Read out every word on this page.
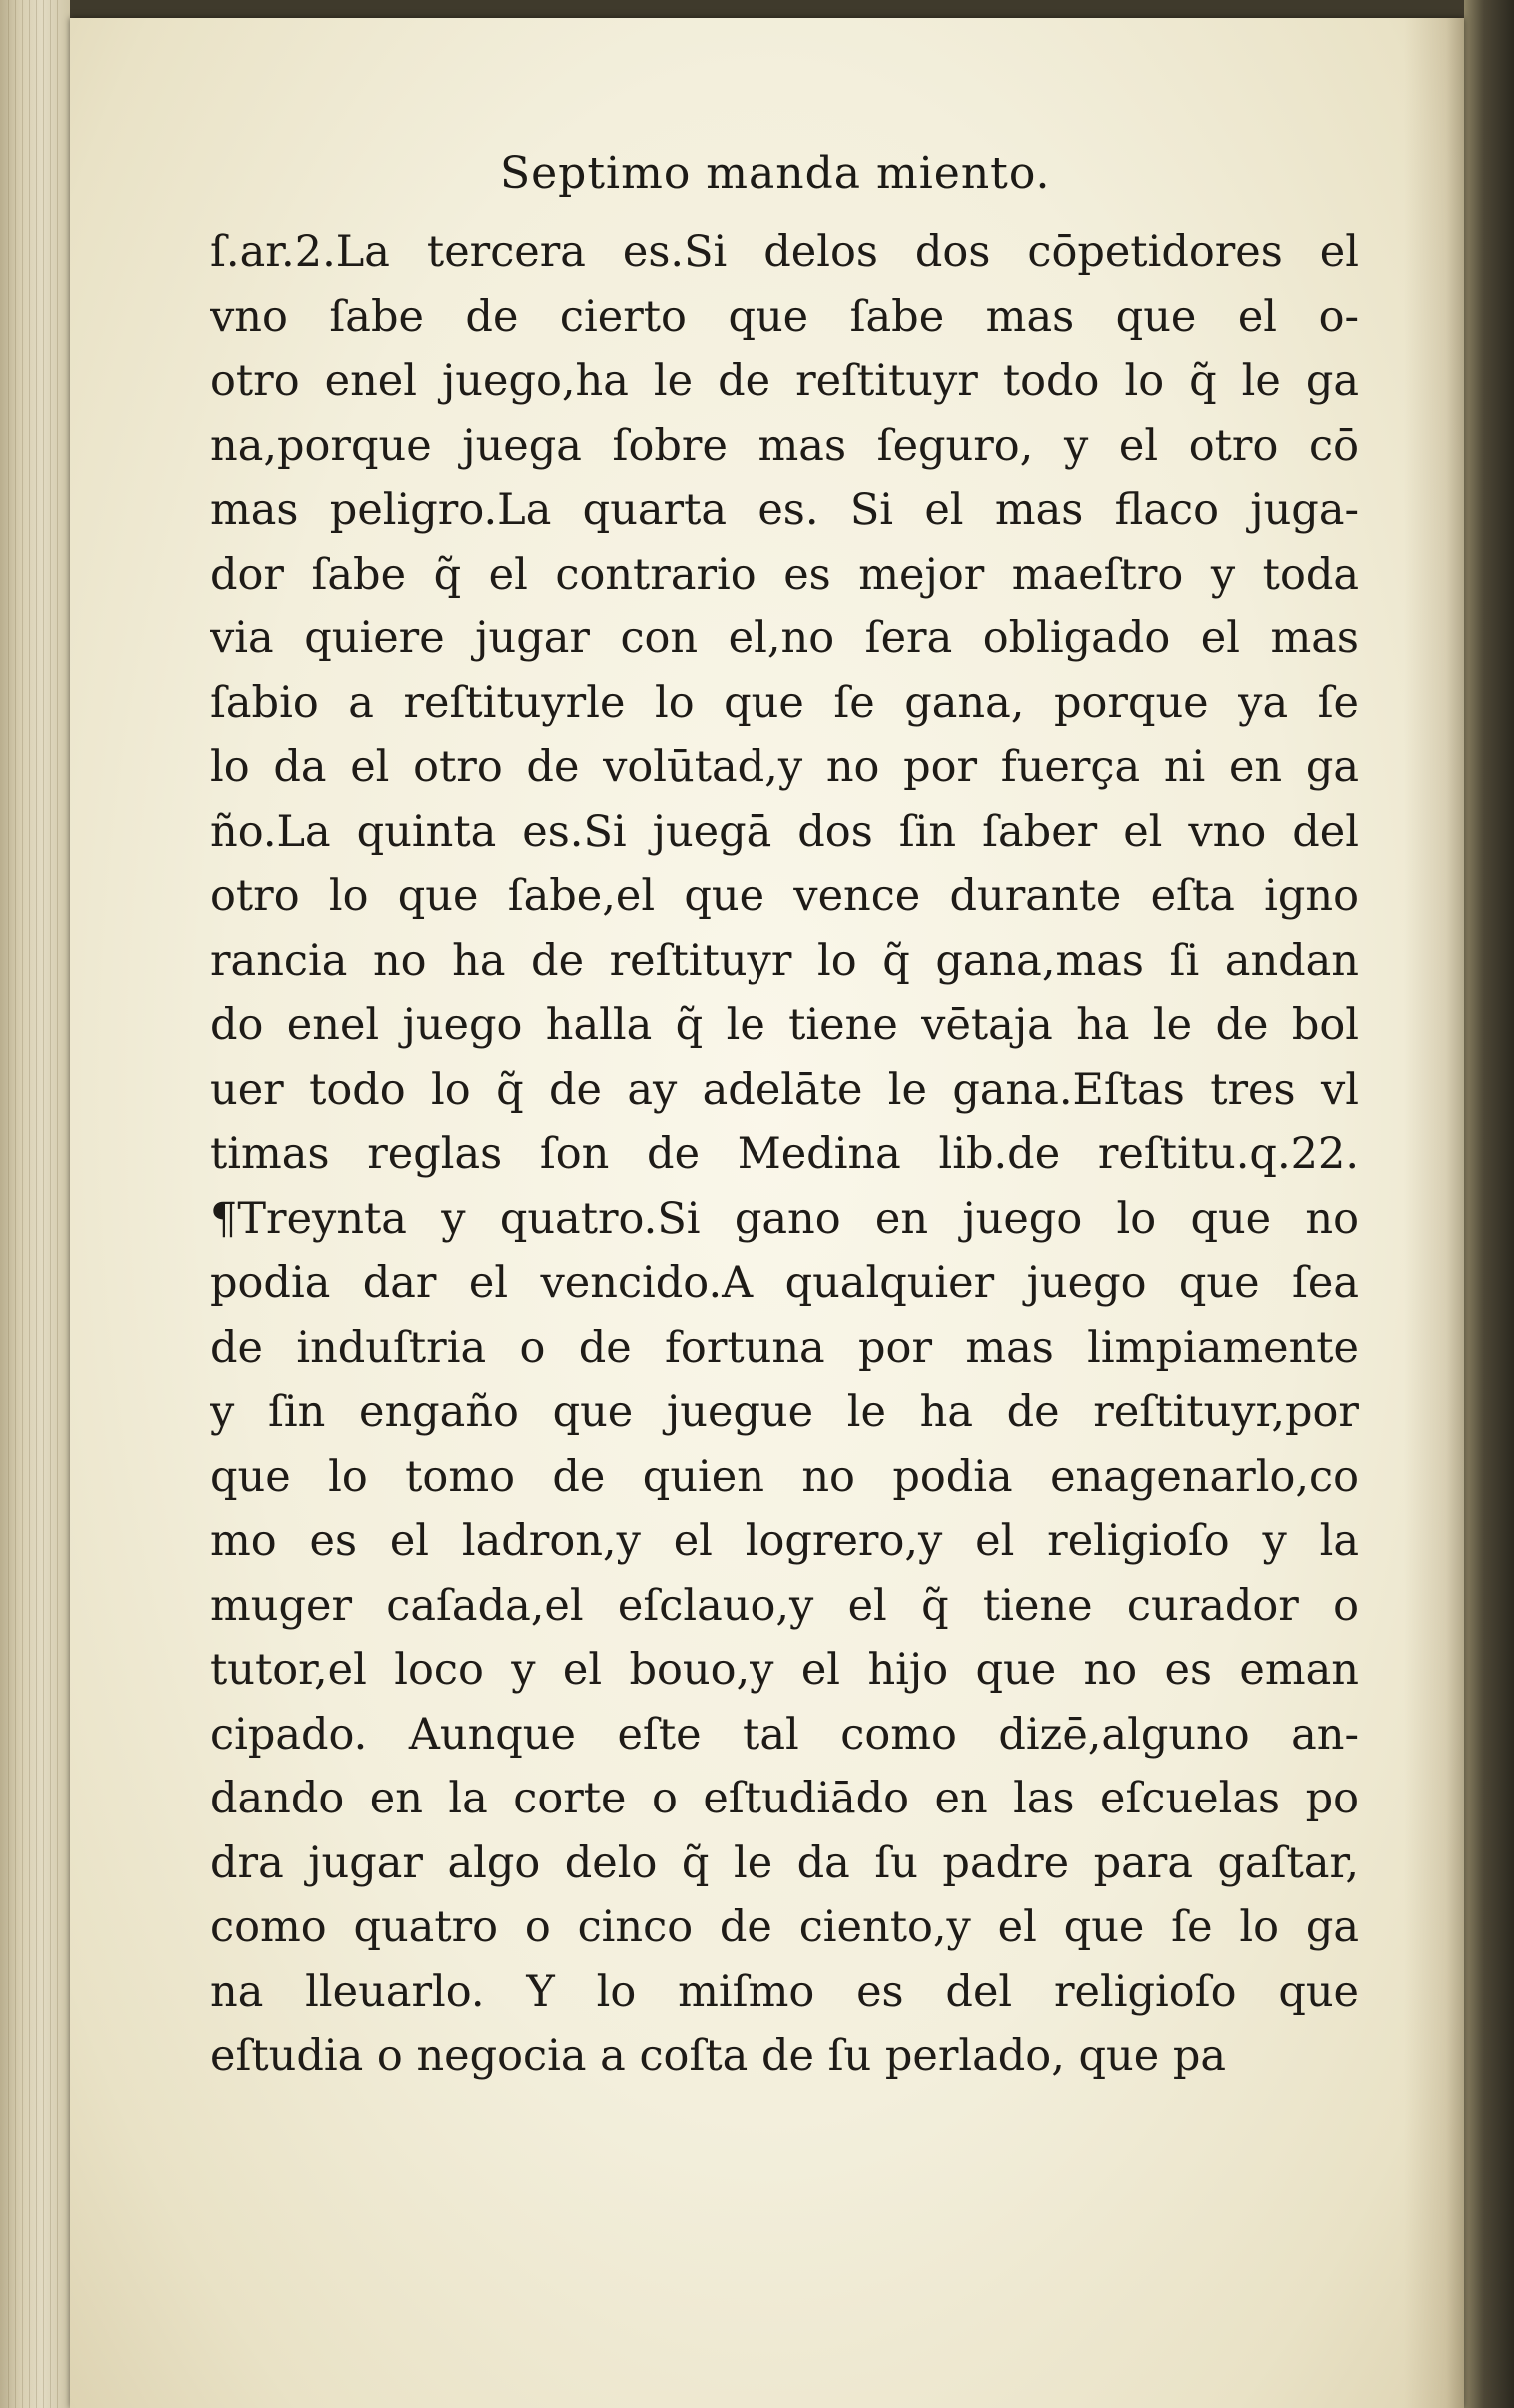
Septimo manda miento.
ſ.ar.2.La tercera es.Si delos dos cōpetidores el
vno ſabe de cierto que ſabe mas que el o-
otro enel juego,ha le de reſtituyr todo lo q̃ le ga
na,porque juega ſobre mas ſeguro, y el otro cō
mas peligro.La quarta es. Si el mas flaco juga-
dor ſabe q̃ el contrario es mejor maeſtro y toda
via quiere jugar con el,no ſera obligado el mas
ſabio a reſtituyrle lo que ſe gana, porque ya ſe
lo da el otro de volūtad,y no por fuerça ni en ga
ño.La quinta es.Si juegā dos ſin ſaber el vno del
otro lo que ſabe,el que vence durante eſta igno
rancia no ha de reſtituyr lo q̃ gana,mas ſi andan
do enel juego halla q̃ le tiene vētaja ha le de bol
uer todo lo q̃ de ay adelāte le gana.Eſtas tres vl
timas reglas ſon de Medina lib.de reſtitu.q.22.
¶Treynta y quatro.Si gano en juego lo que no
podia dar el vencido.A qualquier juego que ſea
de induſtria o de fortuna por mas limpiamente
y ſin engaño que juegue le ha de reſtituyr,por
que lo tomo de quien no podia enagenarlo,co
mo es el ladron,y el logrero,y el religioſo y la
muger caſada,el eſclauo,y el q̃ tiene curador o
tutor,el loco y el bouo,y el hijo que no es eman
cipado. Aunque eſte tal como dizē,alguno an-
dando en la corte o eſtudiādo en las eſcuelas po
dra jugar algo delo q̃ le da ſu padre para gaſtar,
como quatro o cinco de ciento,y el que ſe lo ga
na lleuarlo. Y lo miſmo es del religioſo que
eſtudia o negocia a coſta de ſu perlado, que pa
